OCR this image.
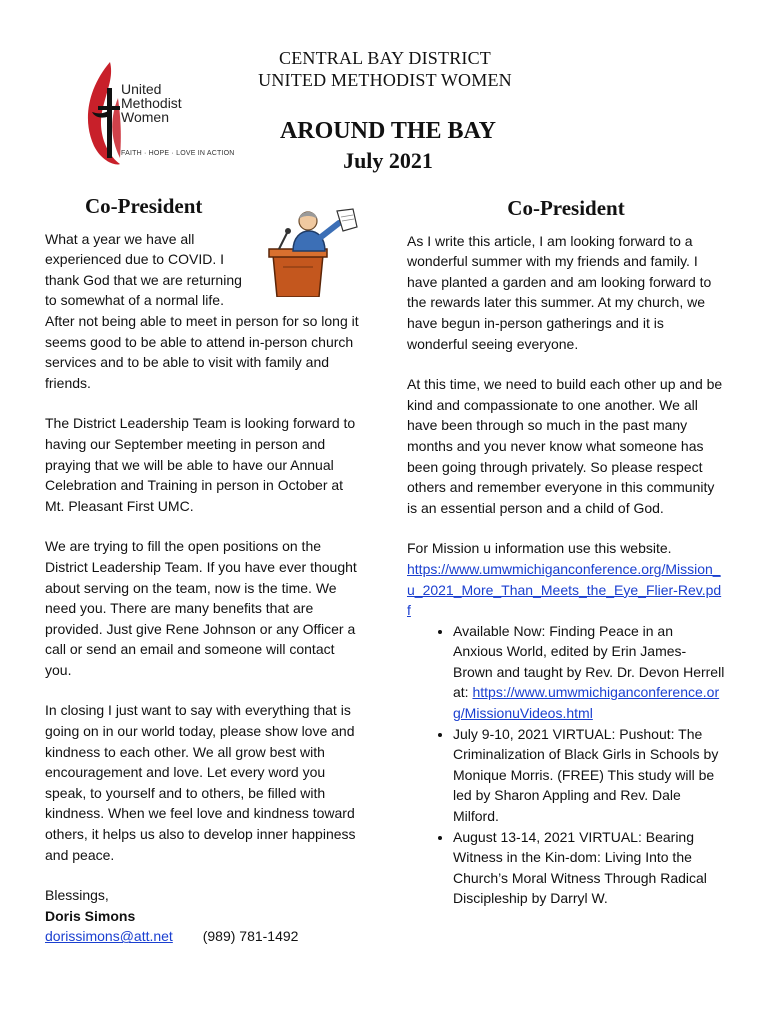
United
Methodist
Women
FAITH · HOPE · LOVE IN ACTION
CENTRAL BAY DISTRICT
UNITED METHODIST WOMEN
AROUND THE BAY
July 2021
Co-President

What a year we have all experienced due to COVID. I thank God that we are returning to somewhat of a normal life. After not being able to meet in person for so long it seems good to be able to attend in-person church services and to be able to visit with family and friends.

The District Leadership Team is looking forward to having our September meeting in person and praying that we will be able to have our Annual Celebration and Training in person in October at Mt. Pleasant First UMC.

We are trying to fill the open positions on the District Leadership Team. If you have ever thought about serving on the team, now is the time. We need you. There are many benefits that are provided. Just give Rene Johnson or any Officer a call or send an email and someone will contact you.

In closing I just want to say with everything that is going on in our world today, please show love and kindness to each other. We all grow best with encouragement and love. Let every word you speak, to yourself and to others, be filled with kindness. When we feel love and kindness toward others, it helps us also to develop inner happiness and peace.

Blessings,
Doris Simons
dorissimons@att.net (989) 781-1492
Co-President

As I write this article, I am looking forward to a wonderful summer with my friends and family. I have planted a garden and am looking forward to the rewards later this summer. At my church, we have begun in-person gatherings and it is wonderful seeing everyone.

At this time, we need to build each other up and be kind and compassionate to one another. We all have been through so much in the past many months and you never know what someone has been going through privately. So please respect others and remember everyone in this community is an essential person and a child of God.

For Mission u information use this website.
https://www.umwmichiganconference.org/Mission_u_2021_More_Than_Meets_the_Eye_Flier-Rev.pdf
• Available Now: Finding Peace in an Anxious World, edited by Erin James-Brown and taught by Rev. Dr. Devon Herrell at: https://www.umwmichiganconference.org/MissionuVideos.html
• July 9-10, 2021 VIRTUAL: Pushout: The Criminalization of Black Girls in Schools by Monique Morris. (FREE) This study will be led by Sharon Appling and Rev. Dale Milford.
• August 13-14, 2021 VIRTUAL: Bearing Witness in the Kin-dom: Living Into the Church’s Moral Witness Through Radical Discipleship by Darryl W.
